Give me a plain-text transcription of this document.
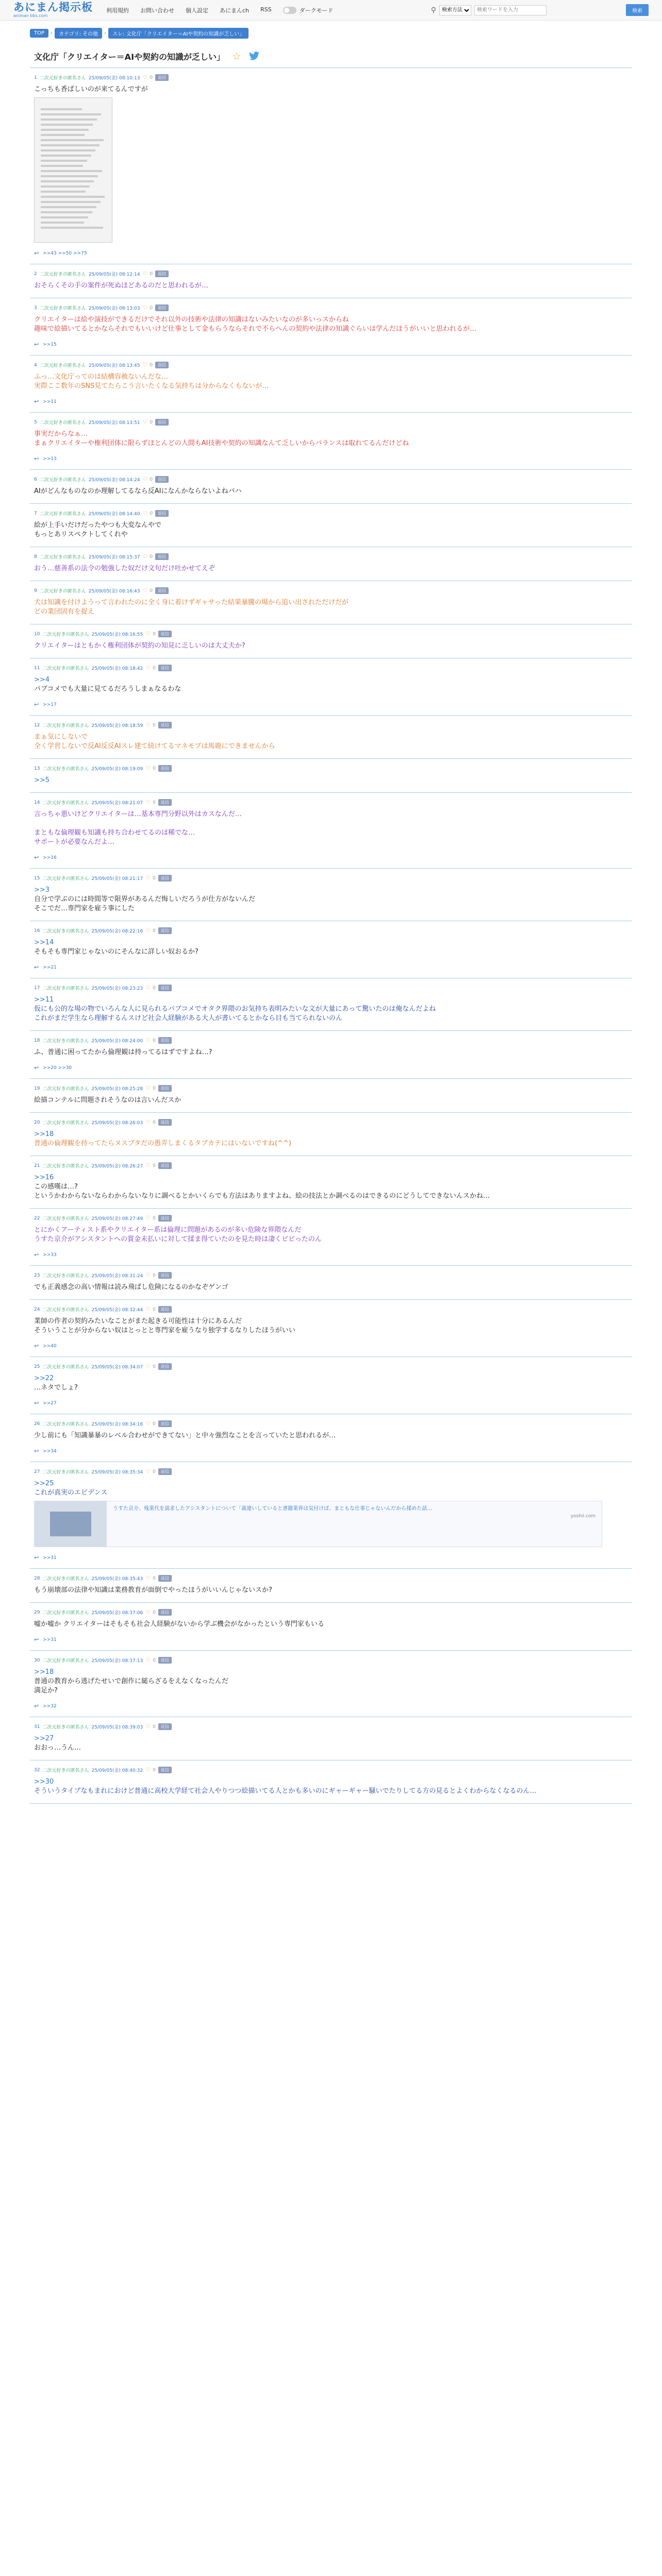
あにまん掲示板
animan bbs.com
利用規約 お問い合わせ 個人設定 あにまんch RSS	ダークモード	⚲
検索方法
検索ワードを入力	検索
TOP	›	カテゴリ: その他	›	スレ: 文化庁「クリエイター＝AIや契約の知識が乏しい」
文化庁「クリエイター＝AIや契約の知識が乏しい」 ☆
1 二次元好きの匿名さん 25/09/05(金) 08:10:13 ♡ 0	返信
こっちも香ばしいのが来てるんですが
↩ >>43 >>50 >>75
2 二次元好きの匿名さん 25/09/05(金) 08:12:14 ♡ 0	返信
おそらくその手の案件が死ぬほどあるのだと思われるが…
3 二次元好きの匿名さん 25/09/05(金) 08:13:03 ♡ 0	返信
クリエイターは絵や演技ができるだけでそれ以外の技術や法律の知識はないみたいなのが多いっスからね
趣味で絵描いてるとかならそれでもいいけど仕事として金もらうならそれで不らへんの契約や法律の知識ぐらいは学んだほうがいいと思われるが…
↩ >>15
4 二次元好きの匿名さん 25/09/05(金) 08:13:45 ♡ 0	返信
ふっ…文化庁ってのは結構容赦ないんだな…
実際ここ数年のSNS見てたらこう言いたくなる気持ちは分からなくもないが…
↩ >>11
5 二次元好きの匿名さん 25/09/05(金) 08:13:51 ♡ 0	返信
事実だからなぁ…
まぁクリエイターや権利団体に限らずほとんどの人間もAI技術や契約の知識なんて乏しいからバランスは取れてるんだけどね
↩ >>13
6 二次元好きの匿名さん 25/09/05(金) 08:14:24 ♡ 0	返信
AIがどんなものなのか理解してるなら反AIになんかならないよねバハ
7 二次元好きの匿名さん 25/09/05(金) 08:14:40 ♡ 0	返信
絵が上手いだけだったやつも大変なんやで
もっとあリスペクトしてくれや
8 二次元好きの匿名さん 25/09/05(金) 08:15:37 ♡ 0	返信
おう…慈善系の法令の勉強した奴だけ文句だけ吐かせてえぞ
9 二次元好きの匿名さん 25/09/05(金) 08:16:43 ♡ 0	返信
犬は知識を付けようって言われたのに全く身に着けずギャサった結果暴騰の場から追い出されただけだが
どの業団固有を捉え
10 二次元好きの匿名さん 25/09/05(金) 08:16:55 ♡ 0	返信
クリエイターはともかく権利団体が契約の知見に乏しいのは大丈夫か?
11 二次元好きの匿名さん 25/09/05(金) 08:18:42 ♡ 0	返信
>>4
パブコメでも大量に見てるだろうしまぁなるわな
↩ >>17
12 二次元好きの匿名さん 25/09/05(金) 08:18:59 ♡ 0	返信
まぁ気にしないで
全く学習しないで反AI反反AIスレ建て続けてるマネモブは馬鹿にできませんから
13 二次元好きの匿名さん 25/09/05(金) 08:19:09 ♡ 0	返信
>>5
14 二次元好きの匿名さん 25/09/05(金) 08:21:07 ♡ 0	返信
言っちゃ悪いけどクリエイターは…基本専門分野以外はカスなんだ…

まともな倫理観も知識も持ち合わせてるのは稀でな…
サポートが必要なんだよ…
↩ >>16
15 二次元好きの匿名さん 25/09/05(金) 08:21:17 ♡ 0	返信
>>3
自分で学ぶのには時間等で限界があるんだ悔しいだろうが仕方がないんだ
そこでだ…専門家を雇う事にした
16 二次元好きの匿名さん 25/09/05(金) 08:22:16 ♡ 0	返信
>>14
そもそも専門家じゃないのにそんなに詳しい奴おるか?
↩ >>21
17 二次元好きの匿名さん 25/09/05(金) 08:23:23 ♡ 0	返信
>>11
仮にも公的な場の物でいろんな人に見られるパブコメでオタク界隈のお気持ち表明みたいな文が大量にあって驚いたのは俺なんだよね
これがまだ学生なら理解するんスけど社会人経験がある大人が書いてるとかなら目も当てられないのん
18 二次元好きの匿名さん 25/09/05(金) 08:24:00 ♡ 0	返信
ふ、普通に困ってたから倫理観は持ってるはずですよね…?
↩ >>20 >>30
19 二次元好きの匿名さん 25/09/05(金) 08:25:28 ♡ 0	返信
絵描コンテルに問題されそうなのは言いんだスか
20 二次元好きの匿名さん 25/09/05(金) 08:26:03 ♡ 0	返信
>>18
普通の倫理観を持ってたらヌスブタだの愚弄しまくるタブカテにはいないですね(^^)
21 二次元好きの匿名さん 25/09/05(金) 08:26:27 ♡ 0	返信
>>16
この感嘆は…?
というかわからないならわからないなりに調べるとかいくらでも方法はありますよね、絵の技法とか調べるのはできるのにどうしてできないんスかね…
22 二次元好きの匿名さん 25/09/05(金) 08:27:49 ♡ 0	返信
とにかくアーティスト系やクリエイター系は倫理に問題があるのが多い危険な界隈なんだ
うすた京介がアシスタントへの賞金未払いに対して揉ま得ていたのを見た時は凄くビビったのん
↩ >>33
23 二次元好きの匿名さん 25/09/05(金) 08:31:24 ♡ 0	返信
でも正義感念の高い情報は読み飛ばし危険になるのかなぞゲンゴ
24 二次元好きの匿名さん 25/09/05(金) 08:32:44 ♡ 0	返信
業師の作者の契約みたいなことがまた起きる可能性は十分にあるんだ
そういうことが分からない奴はとっとと専門家を雇うなり独学するなりしたほうがいい
↩ >>40
25 二次元好きの匿名さん 25/09/05(金) 08:34:07 ♡ 0	返信
>>22
…ネタでしょ?
↩ >>27
26 二次元好きの匿名さん 25/09/05(金) 08:34:16 ♡ 0	返信
少し前にも「知識暴暴のレベル合わせができてない」と中々強烈なことを言っていたと思われるが…
↩ >>34
27 二次元好きの匿名さん 25/09/05(金) 08:35:34 ♡ 0	返信
>>25
これが真実のエビデンス
うすた京介、残業代を請求したアシスタントについて「裁違いしていると書籍業界は気付けば、まともな仕事じゃないんだから揉めた話…
yoshii.com
↩ >>31
28 二次元好きの匿名さん 25/09/05(金) 08:35:43 ♡ 0	返信
もう崩壊部の法律や知識は業務教育が面倒でやったほうがいいんじゃないスか?
29 二次元好きの匿名さん 25/09/05(金) 08:37:06 ♡ 0	返信
嘘か嘘か クリエイターはそもそも社会人経験がないから学ぶ機会がなかったという専門家もいる
↩ >>31
30 二次元好きの匿名さん 25/09/05(金) 08:37:13 ♡ 0	返信
>>18
普通の教育から逃げたせいで創作に縋らざるをえなくなったんだ
満足か?
↩ >>32
31 二次元好きの匿名さん 25/09/05(金) 08:39:03 ♡ 0	返信
>>27
おおっ…うん…
32 二次元好きの匿名さん 25/09/05(金) 08:40:32 ♡ 0	返信
>>30
そういうタイプなもまれにおけど普通に高校大学経て社会人やりつつ絵描いてる人とかも多いのにギャーギャー騒いでたりしてる方の見るとよくわからなくなるのん…
